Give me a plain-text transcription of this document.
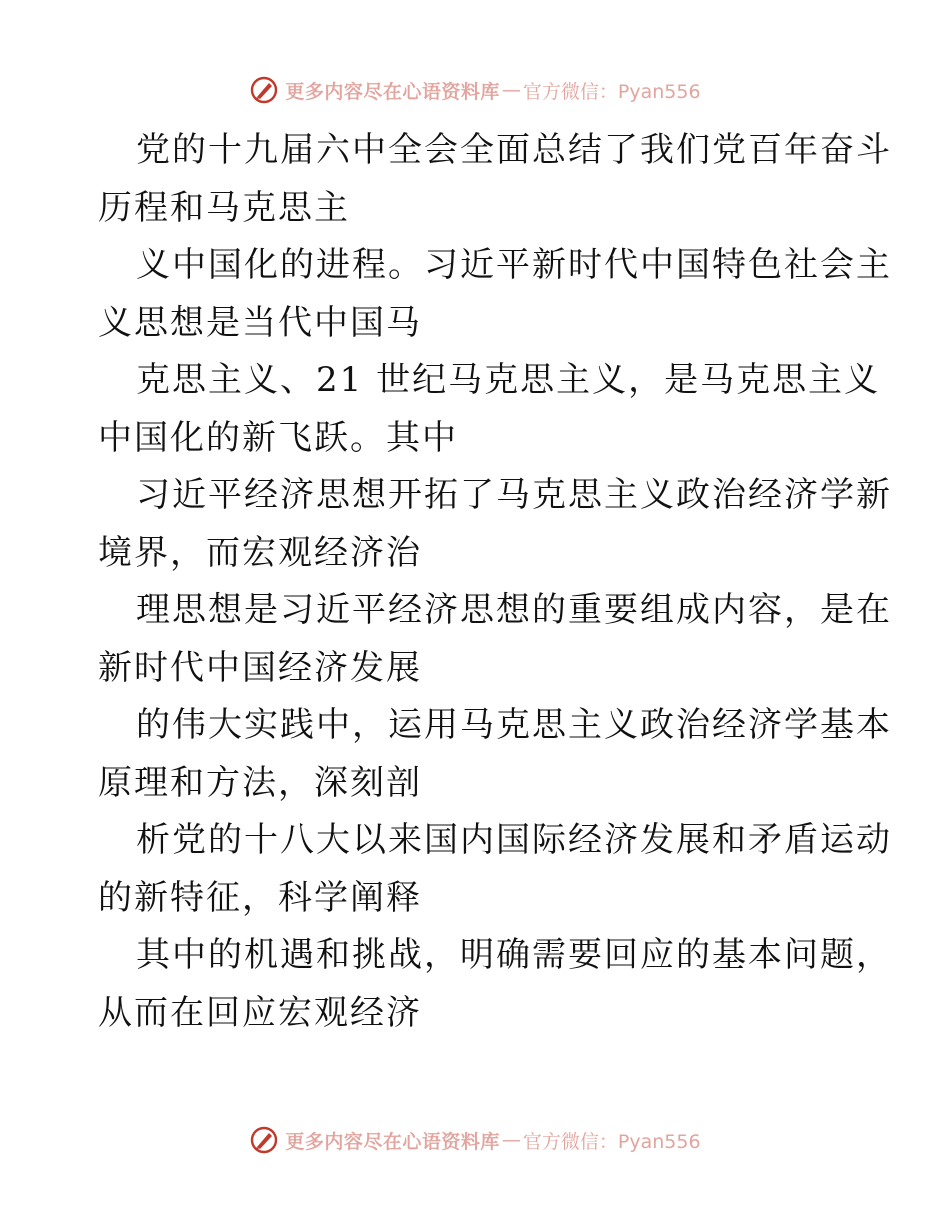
更多内容尽在心语资料库 — 官方微信：Pyan556
党的十九届六中全会全面总结了我们党百年奋斗
历程和马克思主
义中国化的进程。习近平新时代中国特色社会主
义思想是当代中国马
克思主义、21 世纪马克思主义，是马克思主义
中国化的新飞跃。其中
习近平经济思想开拓了马克思主义政治经济学新
境界，而宏观经济治
理思想是习近平经济思想的重要组成内容，是在
新时代中国经济发展
的伟大实践中，运用马克思主义政治经济学基本
原理和方法，深刻剖
析党的十八大以来国内国际经济发展和矛盾运动
的新特征，科学阐释
其中的机遇和挑战，明确需要回应的基本问题，
从而在回应宏观经济
更多内容尽在心语资料库 — 官方微信：Pyan556
